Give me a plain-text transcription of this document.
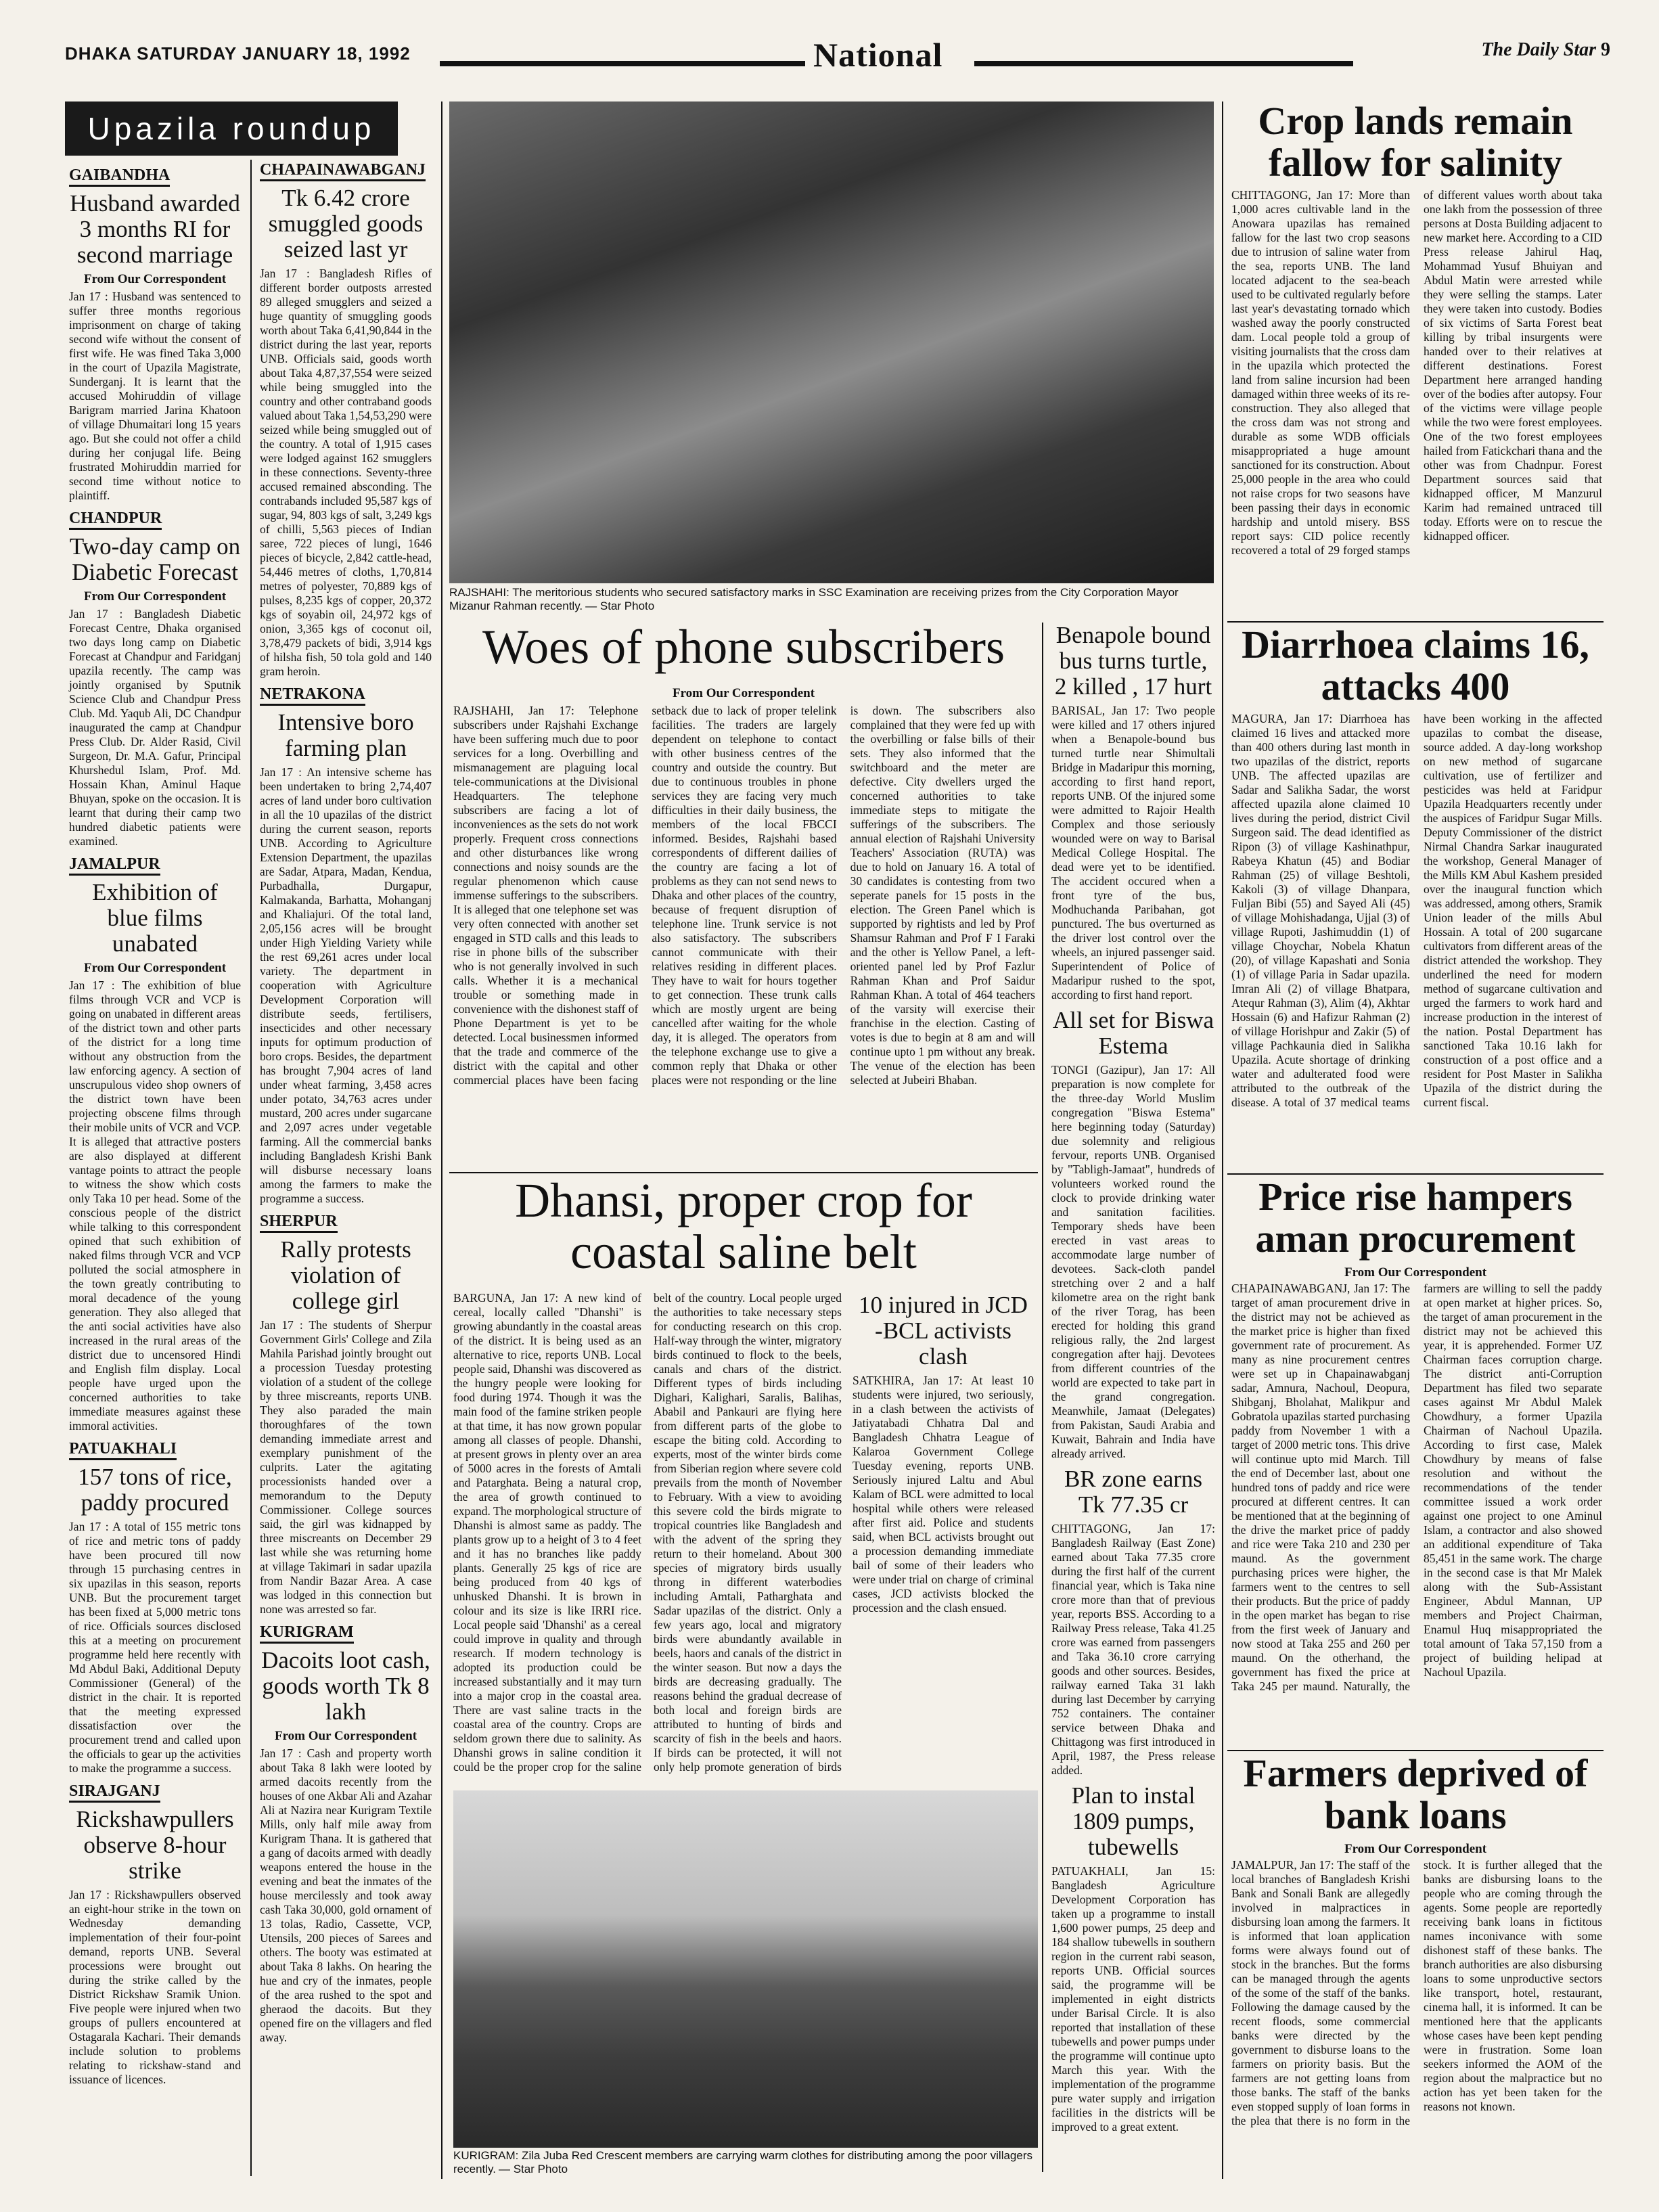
DHAKA SATURDAY JANUARY 18, 1992	National	The Daily Star 9
Upazila roundup
GAIBANDHA
Husband awarded 3 months RI for second marriage
From Our Correspondent

Jan 17 : Husband was sentenced to suffer three months regorious imprisonment on charge of taking second wife without the consent of first wife. He was fined Taka 3,000 in the court of Upazila Magistrate, Sunderganj. It is learnt that the accused Mohiruddin of village Barigram married Jarina Khatoon of village Dhumaitari long 15 years ago. But she could not offer a child during her conjugal life. Being frustrated Mohiruddin married for second time without notice to plaintiff.

CHANDPUR
Two-day camp on Diabetic Forecast
From Our Correspondent

Jan 17 : Bangladesh Diabetic Forecast Centre, Dhaka organised two days long camp on Diabetic Forecast at Chandpur and Faridganj upazila recently. The camp was jointly organised by Sputnik Science Club and Chandpur Press Club. Md. Yaqub Ali, DC Chandpur inaugurated the camp at Chandpur Press Club. Dr. Alder Rasid, Civil Surgeon, Dr. M.A. Gafur, Principal Khurshedul Islam, Prof. Md. Hossain Khan, Aminul Haque Bhuyan, spoke on the occasion. It is learnt that during their camp two hundred diabetic patients were examined.

JAMALPUR
Exhibition of blue films unabated
From Our Correspondent

Jan 17 : The exhibition of blue films through VCR and VCP is going on unabated in different areas of the district town and other parts of the district for a long time without any obstruction from the law enforcing agency. A section of unscrupulous video shop owners of the district town have been projecting obscene films through their mobile units of VCR and VCP. It is alleged that attractive posters are also displayed at different vantage points to attract the people to witness the show which costs only Taka 10 per head. Some of the conscious people of the district while talking to this correspondent opined that such exhibition of naked films through VCR and VCP polluted the social atmosphere in the town greatly contributing to moral decadence of the young generation. They also alleged that the anti social activities have also increased in the rural areas of the district due to uncensored Hindi and English film display. Local people have urged upon the concerned authorities to take immediate measures against these immoral activities.

PATUAKHALI
157 tons of rice, paddy procured

Jan 17 : A total of 155 metric tons of rice and metric tons of paddy have been procured till now through 15 purchasing centres in six upazilas in this season, reports UNB. But the procurement target has been fixed at 5,000 metric tons of rice. Officials sources disclosed this at a meeting on procurement programme held here recently with Md Abdul Baki, Additional Deputy Commissioner (General) of the district in the chair. It is reported that the meeting expressed dissatisfaction over the procurement trend and called upon the officials to gear up the activities to make the programme a success.

SIRAJGANJ
Rickshawpullers observe 8-hour strike

Jan 17 : Rickshawpullers observed an eight-hour strike in the town on Wednesday demanding implementation of their four-point demand, reports UNB. Several processions were brought out during the strike called by the District Rickshaw Sramik Union. Five people were injured when two groups of pullers encountered at Ostagarala Kachari. Their demands include solution to problems relating to rickshaw-stand and issuance of licences.

CHAPAINAWABGANJ
Tk 6.42 crore smuggled goods seized last yr

Jan 17 : Bangladesh Rifles of different border outposts arrested 89 alleged smugglers and seized a huge quantity of smuggling goods worth about Taka 6,41,90,844 in the district during the last year, reports UNB. Officials said, goods worth about Taka 4,87,37,554 were seized while being smuggled into the country and other contraband goods valued about Taka 1,54,53,290 were seized while being smuggled out of the country. A total of 1,915 cases were lodged against 162 smugglers in these connections. Seventy-three accused remained absconding. The contrabands included 95,587 kgs of sugar, 94, 803 kgs of salt, 3,249 kgs of chilli, 5,563 pieces of Indian saree, 722 pieces of lungi, 1646 pieces of bicycle, 2,842 cattle-head, 54,446 metres of cloths, 1,70,814 metres of polyester, 70,889 kgs of pulses, 8,235 kgs of copper, 20,372 kgs of soyabin oil, 24,972 kgs of onion, 3,365 kgs of coconut oil, 3,78,479 packets of bidi, 3,914 kgs of hilsha fish, 50 tola gold and 140 gram heroin.

NETRAKONA
Intensive boro farming plan

Jan 17 : An intensive scheme has been undertaken to bring 2,74,407 acres of land under boro cultivation in all the 10 upazilas of the district during the current season, reports UNB. According to Agriculture Extension Department, the upazilas are Sadar, Atpara, Madan, Kendua, Purbadhalla, Durgapur, Kalmakanda, Barhatta, Mohanganj and Khaliajuri. Of the total land, 2,05,156 acres will be brought under High Yielding Variety while the rest 69,261 acres under local variety. The department in cooperation with Agriculture Development Corporation will distribute seeds, fertilisers, insecticides and other necessary inputs for optimum production of boro crops. Besides, the department has brought 7,904 acres of land under wheat farming, 3,458 acres under potato, 34,763 acres under mustard, 200 acres under sugarcane and 2,097 acres under vegetable farming. All the commercial banks including Bangladesh Krishi Bank will disburse necessary loans among the farmers to make the programme a success.

SHERPUR
Rally protests violation of college girl

Jan 17 : The students of Sherpur Government Girls' College and Zila Mahila Parishad jointly brought out a procession Tuesday protesting violation of a student of the college by three miscreants, reports UNB. They also paraded the main thoroughfares of the town demanding immediate arrest and exemplary punishment of the culprits. Later the agitating processionists handed over a memorandum to the Deputy Commissioner. College sources said, the girl was kidnapped by three miscreants on December 29 last while she was returning home at village Takimari in sadar upazila from Nandir Bazar Area. A case was lodged in this connection but none was arrested so far.

KURIGRAM
Dacoits loot cash, goods worth Tk 8 lakh
From Our Correspondent

Jan 17 : Cash and property worth about Taka 8 lakh were looted by armed dacoits recently from the houses of one Akbar Ali and Azahar Ali at Nazira near Kurigram Textile Mills, only half mile away from Kurigram Thana. It is gathered that a gang of dacoits armed with deadly weapons entered the house in the evening and beat the inmates of the house mercilessly and took away cash Taka 30,000, gold ornament of 13 tolas, Radio, Cassette, VCP, Utensils, 200 pieces of Sarees and others. The booty was estimated at about Taka 8 lakhs. On hearing the hue and cry of the inmates, people of the area rushed to the spot and gheraod the dacoits. But they opened fire on the villagers and fled away.

RAJSHAHI: The meritorious students who secured satisfactory marks in SSC Examination are receiving prizes from the City Corporation Mayor Mizanur Rahman recently. — Star Photo
Woes of phone subscribers
From Our Correspondent

RAJSHAHI, Jan 17: Telephone subscribers under Rajshahi Exchange have been suffering much due to poor services for a long. Overbilling and mismanagement are plaguing local tele-communications at the Divisional Headquarters. The telephone subscribers are facing a lot of inconveniences as the sets do not work properly. Frequent cross connections and other disturbances like wrong connections and noisy sounds are the regular phenomenon which cause immense sufferings to the subscribers. It is alleged that one telephone set was very often connected with another set engaged in STD calls and this leads to rise in phone bills of the subscriber who is not generally involved in such calls. Whether it is a mechanical trouble or something made in convenience with the dishonest staff of Phone Department is yet to be detected. Local businessmen informed that the trade and commerce of the district with the capital and other commercial places have been facing setback due to lack of proper telelink facilities. The traders are largely dependent on telephone to contact with other business centres of the country and outside the country. But due to continuous troubles in phone services they are facing very much difficulties in their daily business, the members of the local FBCCI informed. Besides, Rajshahi based correspondents of different dailies of the country are facing a lot of problems as they can not send news to Dhaka and other places of the country, because of frequent disruption of telephone line. Trunk service is not also satisfactory. The subscribers cannot communicate with their relatives residing in different places. They have to wait for hours together to get connection. These trunk calls which are mostly urgent are being cancelled after waiting for the whole day, it is alleged. The operators from the telephone exchange use to give a common reply that Dhaka or other places were not responding or the line is down. The subscribers also complained that they were fed up with the overbilling or false bills of their sets. They also informed that the switchboard and the meter are defective. City dwellers urged the concerned authorities to take immediate steps to mitigate the sufferings of the subscribers. The annual election of Rajshahi University Teachers' Association (RUTA) was due to hold on January 16. A total of 30 candidates is contesting from two seperate panels for 15 posts in the election. The Green Panel which is supported by rightists and led by Prof Shamsur Rahman and Prof F I Faraki and the other is Yellow Panel, a left-oriented panel led by Prof Fazlur Rahman Khan and Prof Saidur Rahman Khan. A total of 464 teachers of the varsity will exercise their franchise in the election. Casting of votes is due to begin at 8 am and will continue upto 1 pm without any break. The venue of the election has been selected at Jubeiri Bhaban.

Benapole bound bus turns turtle, 2 killed , 17 hurt

BARISAL, Jan 17: Two people were killed and 17 others injured when a Benapole-bound bus turned turtle near Shimultali Bridge in Madaripur this morning, according to first hand report, reports UNB. Of the injured some were admitted to Rajoir Health Complex and those seriously wounded were on way to Barisal Medical College Hospital. The dead were yet to be identified. The accident occured when a front tyre of the bus, Modhuchanda Paribahan, got punctured. The bus overturned as the driver lost control over the wheels, an injured passenger said. Superintendent of Police of Madaripur rushed to the spot, according to first hand report.

All set for Biswa Estema

TONGI (Gazipur), Jan 17: All preparation is now complete for the three-day World Muslim congregation "Biswa Estema" here beginning today (Saturday) due solemnity and religious fervour, reports UNB. Organised by "Tabligh-Jamaat", hundreds of volunteers worked round the clock to provide drinking water and sanitation facilities. Temporary sheds have been erected in vast areas to accommodate large number of devotees. Sack-cloth pandel stretching over 2 and a half kilometre area on the right bank of the river Torag, has been erected for holding this grand religious rally, the 2nd largest congregation after hajj. Devotees from different countries of the world are expected to take part in the grand congregation. Meanwhile, Jamaat (Delegates) from Pakistan, Saudi Arabia and Kuwait, Bahrain and India have already arrived.

BR zone earns Tk 77.35 cr

CHITTAGONG, Jan 17: Bangladesh Railway (East Zone) earned about Taka 77.35 crore during the first half of the current financial year, which is Taka nine crore more than that of previous year, reports BSS. According to a Railway Press release, Taka 41.25 crore was earned from passengers and Taka 36.10 crore carrying goods and other sources. Besides, railway earned Taka 31 lakh during last December by carrying 752 containers. The container service between Dhaka and Chittagong was first introduced in April, 1987, the Press release added.

Plan to instal 1809 pumps, tubewells

PATUAKHALI, Jan 15: Bangladesh Agriculture Development Corporation has taken up a programme to install 1,600 power pumps, 25 deep and 184 shallow tubewells in southern region in the current rabi season, reports UNB. Official sources said, the programme will be implemented in eight districts under Barisal Circle. It is also reported that installation of these tubewells and power pumps under the programme will continue upto March this year. With the implementation of the programme pure water supply and irrigation facilities in the districts will be improved to a great extent.

Dhansi, proper crop for coastal saline belt

BARGUNA, Jan 17: A new kind of cereal, locally called "Dhanshi" is growing abundantly in the coastal areas of the district. It is being used as an alternative to rice, reports UNB. Local people said, Dhanshi was discovered as the hungry people were looking for food during 1974. Though it was the main food of the famine striken people at that time, it has now grown popular among all classes of people. Dhanshi, at present grows in plenty over an area of 5000 acres in the forests of Amtali and Patarghata. Being a natural crop, the area of growth continued to expand. The morphological structure of Dhanshi is almost same as paddy. The plants grow up to a height of 3 to 4 feet and it has no branches like paddy plants. Generally 25 kgs of rice are being produced from 40 kgs of unhusked Dhanshi. It is brown in colour and its size is like IRRI rice. Local people said 'Dhanshi' as a cereal could improve in quality and through research. If modern technology is adopted its production could be increased substantially and it may turn into a major crop in the coastal area. There are vast saline tracts in the coastal area of the country. Crops are seldom grown there due to salinity. As Dhanshi grows in saline condition it could be the proper crop for the saline belt of the country. Local people urged the authorities to take necessary steps for conducting research on this crop. Half-way through the winter, migratory birds continued to flock to the beels, canals and chars of the district. Different types of birds including Dighari, Kalighari, Saralis, Balihas, Ababil and Pankauri are flying here from different parts of the globe to escape the biting cold. According to experts, most of the winter birds come from Siberian region where severe cold prevails from the month of November to February. With a view to avoiding this severe cold the birds migrate to tropical countries like Bangladesh and with the advent of the spring they return to their homeland. About 300 species of migratory birds usually throng in different waterbodies including Amtali, Patharghata and Sadar upazilas of the district. Only a few years ago, local and migratory birds were abundantly available in beels, haors and canals of the district in the winter season. But now a days the birds are decreasing gradually. The reasons behind the gradual decrease of both local and foreign birds are attributed to hunting of birds and scarcity of fish in the beels and haors. If birds can be protected, it will not only help promote generation of birds

10 injured in JCD -BCL activists clash

SATKHIRA, Jan 17: At least 10 students were injured, two seriously, in a clash between the activists of Jatiyatabadi Chhatra Dal and Bangladesh Chhatra League of Kalaroa Government College Tuesday evening, reports UNB. Seriously injured Laltu and Abul Kalam of BCL were admitted to local hospital while others were released after first aid. Police and students said, when BCL activists brought out a procession demanding immediate bail of some of their leaders who were under trial on charge of criminal cases, JCD activists blocked the procession and the clash ensued.

KURIGRAM: Zila Juba Red Crescent members are carrying warm clothes for distributing among the poor villagers recently. — Star Photo
Crop lands remain fallow for salinity

CHITTAGONG, Jan 17: More than 1,000 acres cultivable land in the Anowara upazilas has remained fallow for the last two crop seasons due to intrusion of saline water from the sea, reports UNB. The land located adjacent to the sea-beach used to be cultivated regularly before last year's devastating tornado which washed away the poorly constructed dam. Local people told a group of visiting journalists that the cross dam in the upazila which protected the land from saline incursion had been damaged within three weeks of its re-construction. They also alleged that the cross dam was not strong and durable as some WDB officials misappropriated a huge amount sanctioned for its construction. About 25,000 people in the area who could not raise crops for two seasons have been passing their days in economic hardship and untold misery. BSS report says: CID police recently recovered a total of 29 forged stamps of different values worth about taka one lakh from the possession of three persons at Dosta Building adjacent to new market here. According to a CID Press release Jahirul Haq, Mohammad Yusuf Bhuiyan and Abdul Matin were arrested while they were selling the stamps. Later they were taken into custody. Bodies of six victims of Sarta Forest beat killing by tribal insurgents were handed over to their relatives at different destinations. Forest Department here arranged handing over of the bodies after autopsy. Four of the victims were village people while the two were forest employees. One of the two forest employees hailed from Fatickchari thana and the other was from Chadnpur. Forest Department sources said that kidnapped officer, M Manzurul Karim had remained untraced till today. Efforts were on to rescue the kidnapped officer.

Diarrhoea claims 16, attacks 400

MAGURA, Jan 17: Diarrhoea has claimed 16 lives and attacked more than 400 others during last month in two upazilas of the district, reports UNB. The affected upazilas are Sadar and Salikha Sadar, the worst affected upazila alone claimed 10 lives during the period, district Civil Surgeon said. The dead identified as Ripon (3) of village Kashinathpur, Rabeya Khatun (45) and Bodiar Rahman (25) of village Beshtoli, Kakoli (3) of village Dhanpara, Fuljan Bibi (55) and Sayed Ali (45) of village Mohishadanga, Ujjal (3) of village Rupoti, Jashimuddin (1) of village Choychar, Nobela Khatun (20), of village Kapashati and Sonia (1) of village Paria in Sadar upazila. Imran Ali (2) of village Bhatpara, Atequr Rahman (3), Alim (4), Akhtar Hossain (6) and Hafizur Rahman (2) of village Horishpur and Zakir (5) of village Pachkaunia died in Salikha Upazila. Acute shortage of drinking water and adulterated food were attributed to the outbreak of the disease. A total of 37 medical teams have been working in the affected upazilas to combat the disease, source added. A day-long workshop on new method of sugarcane cultivation, use of fertilizer and pesticides was held at Faridpur Upazila Headquarters recently under the auspices of Faridpur Sugar Mills. Deputy Commissioner of the district Nirmal Chandra Sarkar inaugurated the workshop, General Manager of the Mills KM Abul Kashem presided over the inaugural function which was addressed, among others, Sramik Union leader of the mills Abul Hossain. A total of 200 sugarcane cultivators from different areas of the district attended the workshop. They underlined the need for modern method of sugarcane cultivation and urged the farmers to work hard and increase production in the interest of the nation. Postal Department has sanctioned Taka 10.16 lakh for construction of a post office and a resident for Post Master in Salikha Upazila of the district during the current fiscal.

Price rise hampers aman procurement
From Our Correspondent

CHAPAINAWABGANJ, Jan 17: The target of aman procurement drive in the district may not be achieved as the market price is higher than fixed government rate of procurement. As many as nine procurement centres were set up in Chapainawabganj sadar, Amnura, Nachoul, Deopura, Shibganj, Bholahat, Malikpur and Gobratola upazilas started purchasing paddy from November 1 with a target of 2000 metric tons. This drive will continue upto mid March. Till the end of December last, about one hundred tons of paddy and rice were procured at different centres. It can be mentioned that at the beginning of the drive the market price of paddy and rice were Taka 210 and 230 per maund. As the government purchasing prices were higher, the farmers went to the centres to sell their products. But the price of paddy in the open market has began to rise from the first week of January and now stood at Taka 255 and 260 per maund. On the otherhand, the government has fixed the price at Taka 245 per maund. Naturally, the farmers are willing to sell the paddy at open market at higher prices. So, the target of aman procurement in the district may not be achieved this year, it is apprehended. Former UZ Chairman faces corruption charge. The district anti-Corruption Department has filed two separate cases against Mr Abdul Malek Chowdhury, a former Upazila Chairman of Nachoul Upazila. According to first case, Malek Chowdhury by means of false resolution and without the recommendations of the tender committee issued a work order against one project to one Aminul Islam, a contractor and also showed an additional expenditure of Taka 85,451 in the same work. The charge in the second case is that Mr Malek along with the Sub-Assistant Engineer, Abdul Mannan, UP members and Project Chairman, Enamul Huq misappropriated the total amount of Taka 57,150 from a project of building helipad at Nachoul Upazila.

Farmers deprived of bank loans
From Our Correspondent

JAMALPUR, Jan 17: The staff of the local branches of Bangladesh Krishi Bank and Sonali Bank are allegedly involved in malpractices in disbursing loan among the farmers. It is informed that loan application forms were always found out of stock in the branches. But the forms can be managed through the agents of the some of the staff of the banks. Following the damage caused by the recent floods, some commercial banks were directed by the government to disburse loans to the farmers on priority basis. But the farmers are not getting loans from those banks. The staff of the banks even stopped supply of loan forms in the plea that there is no form in the stock. It is further alleged that the banks are disbursing loans to the people who are coming through the agents. Some people are reportedly receiving bank loans in fictitous names inconivance with some dishonest staff of these banks. The branch authorities are also disbursing loans to some unproductive sectors like transport, hotel, restaurant, cinema hall, it is informed. It can be mentioned here that the applicants whose cases have been kept pending were in frustration. Some loan seekers informed the AOM of the region about the malpractice but no action has yet been taken for the reasons not known.
